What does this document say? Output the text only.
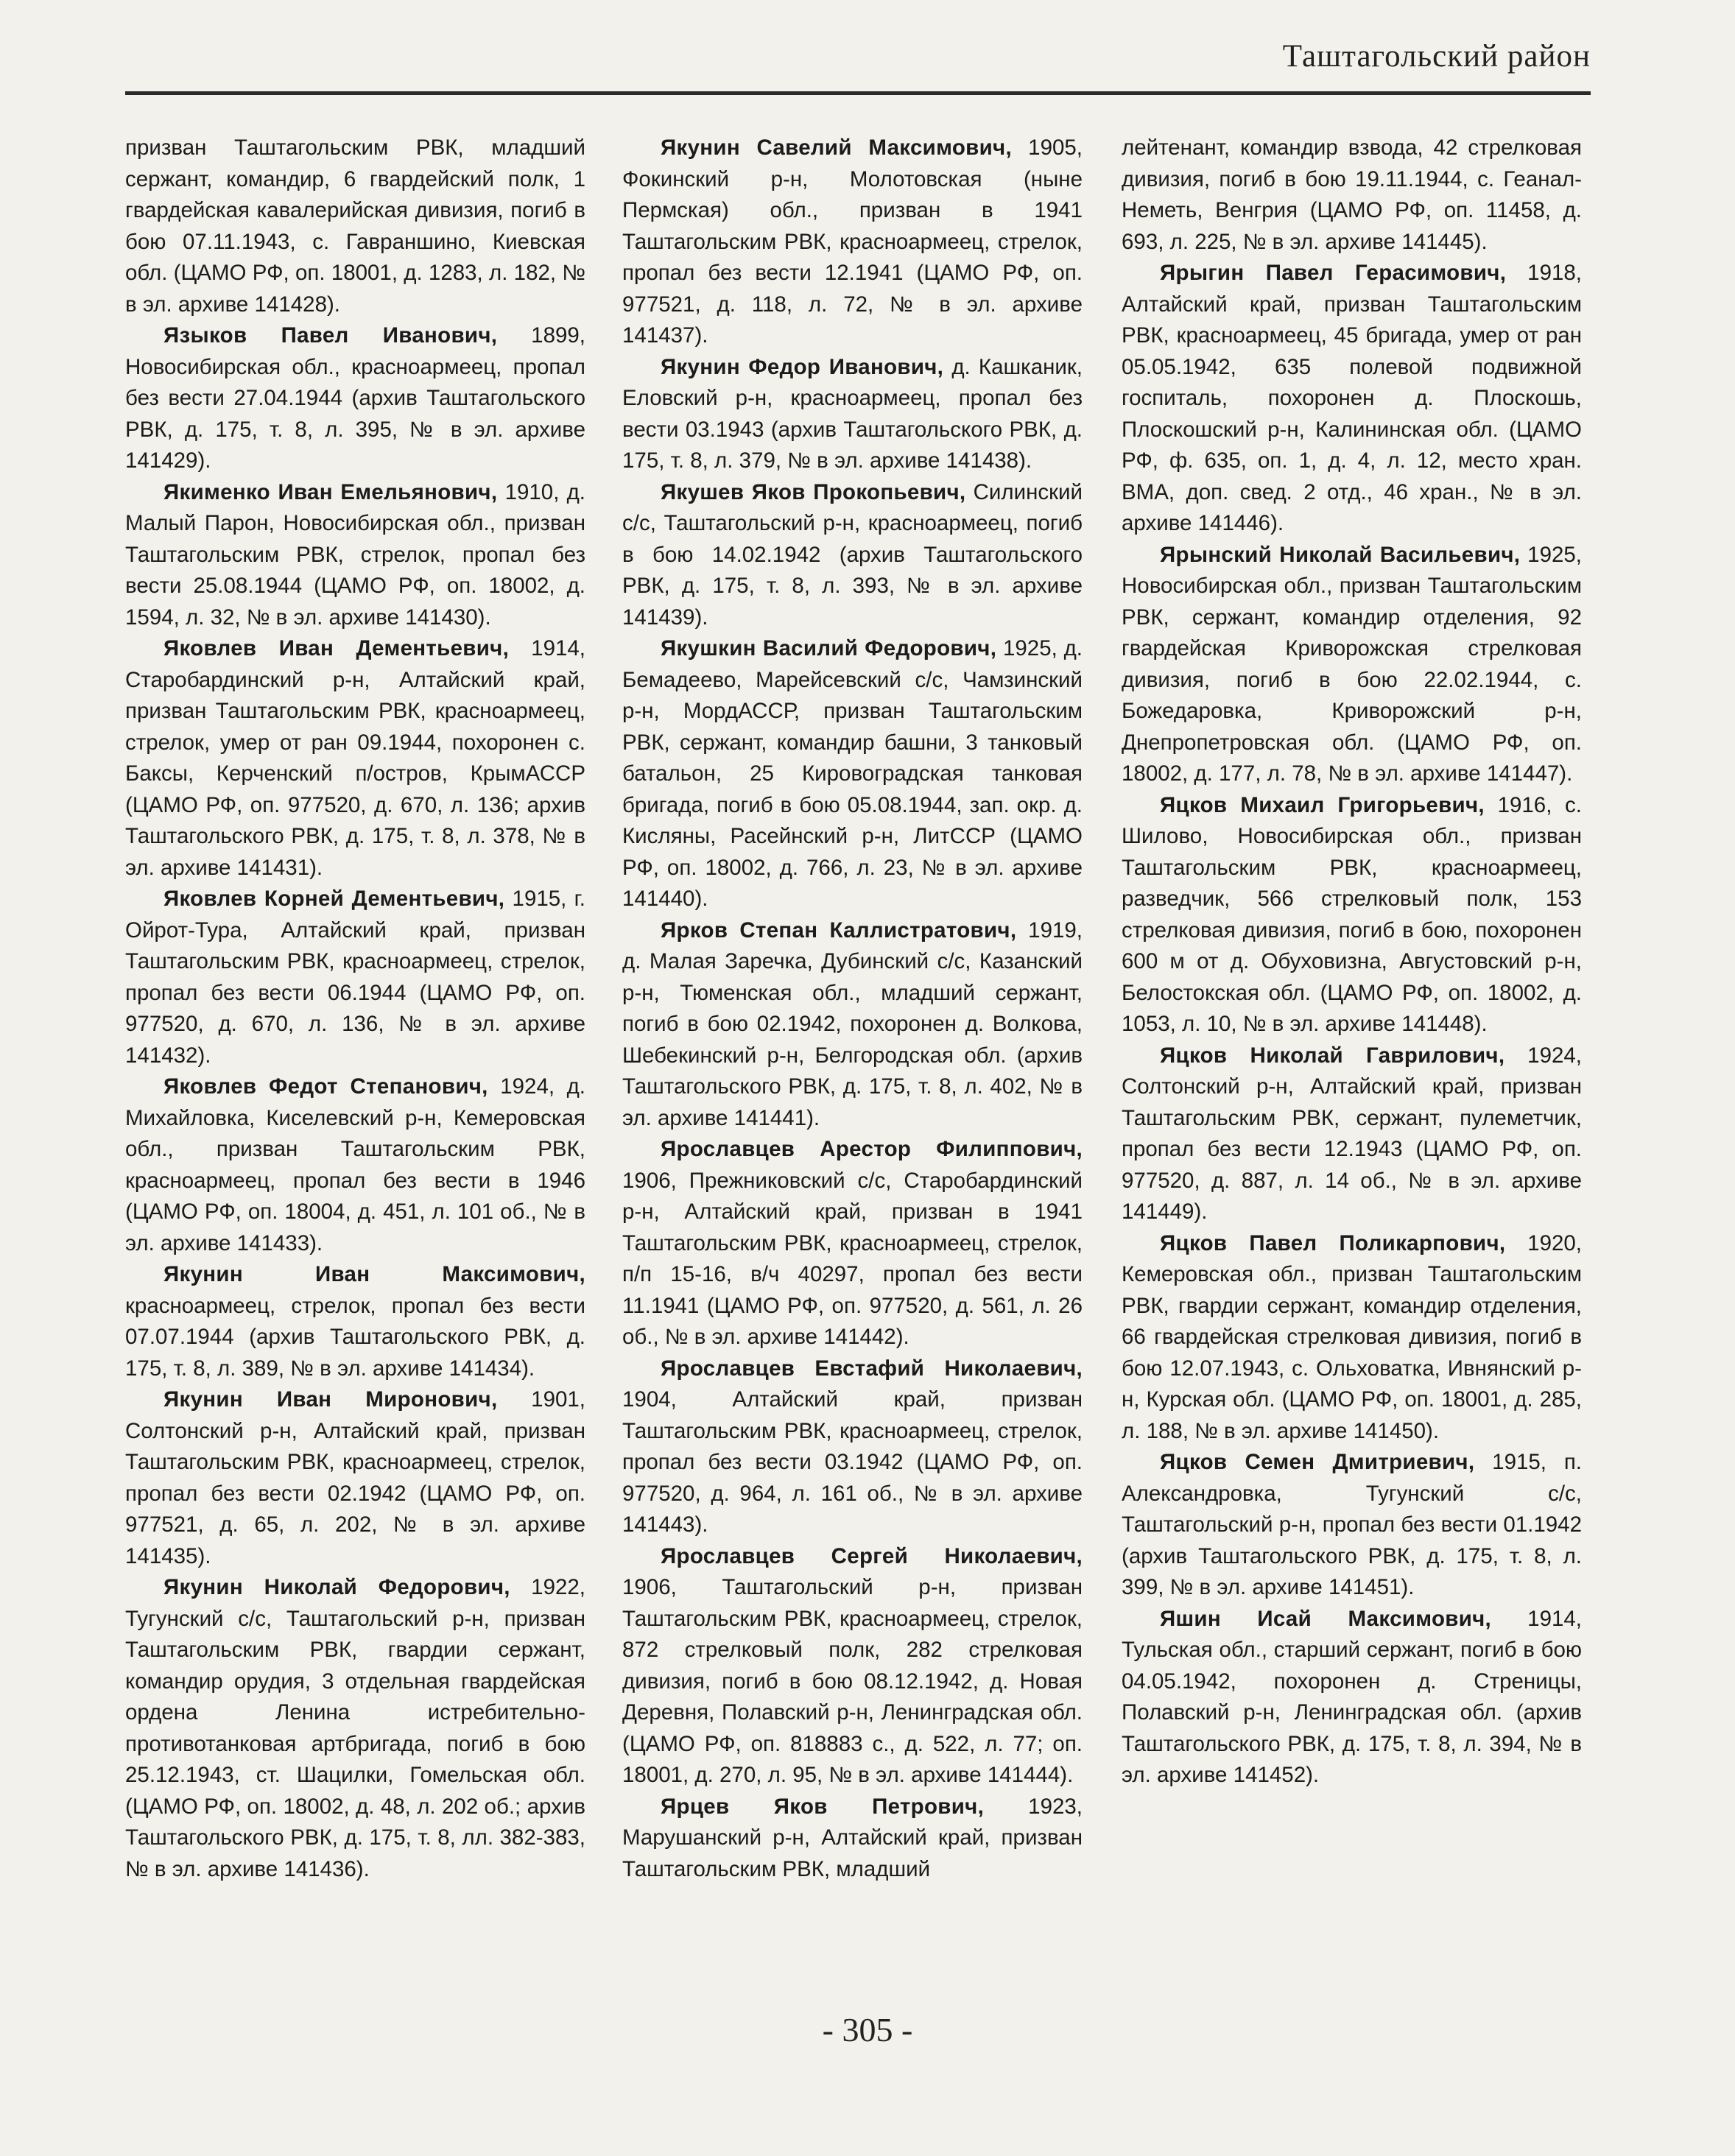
Таштагольский район

призван Таштагольским РВК, младший сержант, командир, 6 гвардейский полк, 1 гвардейская кавалерийская дивизия, погиб в бою 07.11.1943, с. Гавраншино, Киевская обл. (ЦАМО РФ, оп. 18001, д. 1283, л. 182, № в эл. архиве 141428).

Языков Павел Иванович, 1899, Новосибирская обл., красноармеец, пропал без вести 27.04.1944 (архив Таштагольского РВК, д. 175, т. 8, л. 395, № в эл. архиве 141429).

Якименко Иван Емельянович, 1910, д. Малый Парон, Новосибирская обл., призван Таштагольским РВК, стрелок, пропал без вести 25.08.1944 (ЦАМО РФ, оп. 18002, д. 1594, л. 32, № в эл. архиве 141430).

Яковлев Иван Дементьевич, 1914, Старобардинский р-н, Алтайский край, призван Таштагольским РВК, красноармеец, стрелок, умер от ран 09.1944, похоронен с. Баксы, Керченский п/остров, КрымАССР (ЦАМО РФ, оп. 977520, д. 670, л. 136; архив Таштагольского РВК, д. 175, т. 8, л. 378, № в эл. архиве 141431).

Яковлев Корней Дементьевич, 1915, г. Ойрот-Тура, Алтайский край, призван Таштагольским РВК, красноармеец, стрелок, пропал без вести 06.1944 (ЦАМО РФ, оп. 977520, д. 670, л. 136, № в эл. архиве 141432).

Яковлев Федот Степанович, 1924, д. Михайловка, Киселевский р-н, Кемеровская обл., призван Таштагольским РВК, красноармеец, пропал без вести в 1946 (ЦАМО РФ, оп. 18004, д. 451, л. 101 об., № в эл. архиве 141433).

Якунин Иван Максимович, красноармеец, стрелок, пропал без вести 07.07.1944 (архив Таштагольского РВК, д. 175, т. 8, л. 389, № в эл. архиве 141434).

Якунин Иван Миронович, 1901, Солтонский р-н, Алтайский край, призван Таштагольским РВК, красноармеец, стрелок, пропал без вести 02.1942 (ЦАМО РФ, оп. 977521, д. 65, л. 202, № в эл. архиве 141435).

Якунин Николай Федорович, 1922, Тугунский с/с, Таштагольский р-н, призван Таштагольским РВК, гвардии сержант, командир орудия, 3 отдельная гвардейская ордена Ленина истребительно-противотанковая артбригада, погиб в бою 25.12.1943, ст. Шацилки, Гомельская обл. (ЦАМО РФ, оп. 18002, д. 48, л. 202 об.; архив Таштагольского РВК, д. 175, т. 8, лл. 382-383, № в эл. архиве 141436).

Якунин Савелий Максимович, 1905, Фокинский р-н, Молотовская (ныне Пермская) обл., призван в 1941 Таштагольским РВК, красноармеец, стрелок, пропал без вести 12.1941 (ЦАМО РФ, оп. 977521, д. 118, л. 72, № в эл. архиве 141437).

Якунин Федор Иванович, д. Кашканик, Еловский р-н, красноармеец, пропал без вести 03.1943 (архив Таштагольского РВК, д. 175, т. 8, л. 379, № в эл. архиве 141438).

Якушев Яков Прокопьевич, Силинский с/с, Таштагольский р-н, красноармеец, погиб в бою 14.02.1942 (архив Таштагольского РВК, д. 175, т. 8, л. 393, № в эл. архиве 141439).

Якушкин Василий Федорович, 1925, д. Бемадеево, Марейсевский с/с, Чамзинский р-н, МордАССР, призван Таштагольским РВК, сержант, командир башни, 3 танковый батальон, 25 Кировоградская танковая бригада, погиб в бою 05.08.1944, зап. окр. д. Кисляны, Расейнский р-н, ЛитССР (ЦАМО РФ, оп. 18002, д. 766, л. 23, № в эл. архиве 141440).

Ярков Степан Каллистратович, 1919, д. Малая Заречка, Дубинский с/с, Казанский р-н, Тюменская обл., младший сержант, погиб в бою 02.1942, похоронен д. Волкова, Шебекинский р-н, Белгородская обл. (архив Таштагольского РВК, д. 175, т. 8, л. 402, № в эл. архиве 141441).

Ярославцев Арестор Филиппович, 1906, Прежниковский с/с, Старобардинский р-н, Алтайский край, призван в 1941 Таштагольским РВК, красноармеец, стрелок, п/п 15-16, в/ч 40297, пропал без вести 11.1941 (ЦАМО РФ, оп. 977520, д. 561, л. 26 об., № в эл. архиве 141442).

Ярославцев Евстафий Николаевич, 1904, Алтайский край, призван Таштагольским РВК, красноармеец, стрелок, пропал без вести 03.1942 (ЦАМО РФ, оп. 977520, д. 964, л. 161 об., № в эл. архиве 141443).

Ярославцев Сергей Николаевич, 1906, Таштагольский р-н, призван Таштагольским РВК, красноармеец, стрелок, 872 стрелковый полк, 282 стрелковая дивизия, погиб в бою 08.12.1942, д. Новая Деревня, Полавский р-н, Ленинградская обл. (ЦАМО РФ, оп. 818883 с., д. 522, л. 77; оп. 18001, д. 270, л. 95, № в эл. архиве 141444).

Ярцев Яков Петрович, 1923, Марушанский р-н, Алтайский край, призван Таштагольским РВК, младший

лейтенант, командир взвода, 42 стрелковая дивизия, погиб в бою 19.11.1944, с. Геанал-Неметь, Венгрия (ЦАМО РФ, оп. 11458, д. 693, л. 225, № в эл. архиве 141445).

Ярыгин Павел Герасимович, 1918, Алтайский край, призван Таштагольским РВК, красноармеец, 45 бригада, умер от ран 05.05.1942, 635 полевой подвижной госпиталь, похоронен д. Плоскошь, Плоскошский р-н, Калининская обл. (ЦАМО РФ, ф. 635, оп. 1, д. 4, л. 12, место хран. ВМА, доп. свед. 2 отд., 46 хран., № в эл. архиве 141446).

Ярынский Николай Васильевич, 1925, Новосибирская обл., призван Таштагольским РВК, сержант, командир отделения, 92 гвардейская Криворожская стрелковая дивизия, погиб в бою 22.02.1944, с. Божедаровка, Криворожский р-н, Днепропетровская обл. (ЦАМО РФ, оп. 18002, д. 177, л. 78, № в эл. архиве 141447).

Яцков Михаил Григорьевич, 1916, с. Шилово, Новосибирская обл., призван Таштагольским РВК, красноармеец, разведчик, 566 стрелковый полк, 153 стрелковая дивизия, погиб в бою, похоронен 600 м от д. Обуховизна, Августовский р-н, Белостокская обл. (ЦАМО РФ, оп. 18002, д. 1053, л. 10, № в эл. архиве 141448).

Яцков Николай Гаврилович, 1924, Солтонский р-н, Алтайский край, призван Таштагольским РВК, сержант, пулеметчик, пропал без вести 12.1943 (ЦАМО РФ, оп. 977520, д. 887, л. 14 об., № в эл. архиве 141449).

Яцков Павел Поликарпович, 1920, Кемеровская обл., призван Таштагольским РВК, гвардии сержант, командир отделения, 66 гвардейская стрелковая дивизия, погиб в бою 12.07.1943, с. Ольховатка, Ивнянский р-н, Курская обл. (ЦАМО РФ, оп. 18001, д. 285, л. 188, № в эл. архиве 141450).

Яцков Семен Дмитриевич, 1915, п. Александровка, Тугунский с/с, Таштагольский р-н, пропал без вести 01.1942 (архив Таштагольского РВК, д. 175, т. 8, л. 399, № в эл. архиве 141451).

Яшин Исай Максимович, 1914, Тульская обл., старший сержант, погиб в бою 04.05.1942, похоронен д. Стреницы, Полавский р-н, Ленинградская обл. (архив Таштагольского РВК, д. 175, т. 8, л. 394, № в эл. архиве 141452).

- 305 -
